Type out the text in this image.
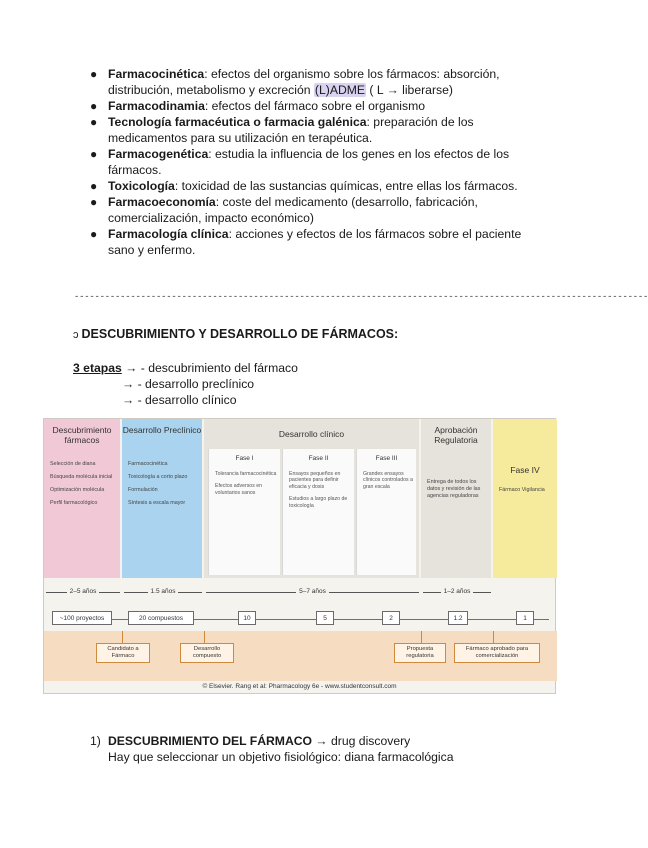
● Farmacocinética: efectos del organismo sobre los fármacos: absorción, distribución, metabolismo y excreción (L)ADME ( L → liberarse)
● Farmacodinamia: efectos del fármaco sobre el organismo
● Tecnología farmacéutica o farmacia galénica: preparación de los medicamentos para su utilización en terapéutica.
● Farmacogenética: estudia la influencia de los genes en los efectos de los fármacos.
● Toxicología: toxicidad de las sustancias químicas, entre ellas los fármacos.
● Farmacoeconomía: coste del medicamento (desarrollo, fabricación, comercialización, impacto económico)
● Farmacología clínica: acciones y efectos de los fármacos sobre el paciente sano y enfermo.
----------------------------------------------------------------------------------------------------------------
ↄ DESCUBRIMIENTO Y DESARROLLO DE FÁRMACOS:
3 etapas → - descubrimiento del fármaco
→ - desarrollo preclínico
→ - desarrollo clínico
Descubrimiento fármacos
Selección de diana
Búsqueda molécula inicial
Optimización molécula
Perfil farmacológico
Desarrollo Preclínico
Farmacocinética
Toxicología a corto plazo
Formulación
Síntesis a escala mayor
Desarrollo clínico
Fase I
Tolerancia farmacocinética
Efectos adversos en voluntarios sanos
Fase II
Ensayos pequeños en pacientes para definir eficacia y dosis
Estudios a largo plazo de toxicología
Fase III
Grandes ensayos clínicos controlados a gran escala
Aprobación Regulatoria
Entrega de todos los datos y revisión de las agencias reguladoras
Fase IV
Fármaco Vigilancia
2–5 años	1.5 años	5–7 años	1–2 años
~100 proyectos	20 compuestos	10	5	2	1.2	1
Candidato a Fármaco
Desarrollo compuesto
Propuesta regulatoria
Fármaco aprobado para comercialización
© Elsevier. Rang et al: Pharmacology 6e - www.studentconsult.com
1) DESCUBRIMIENTO DEL FÁRMACO → drug discovery
Hay que seleccionar un objetivo fisiológico: diana farmacológica
